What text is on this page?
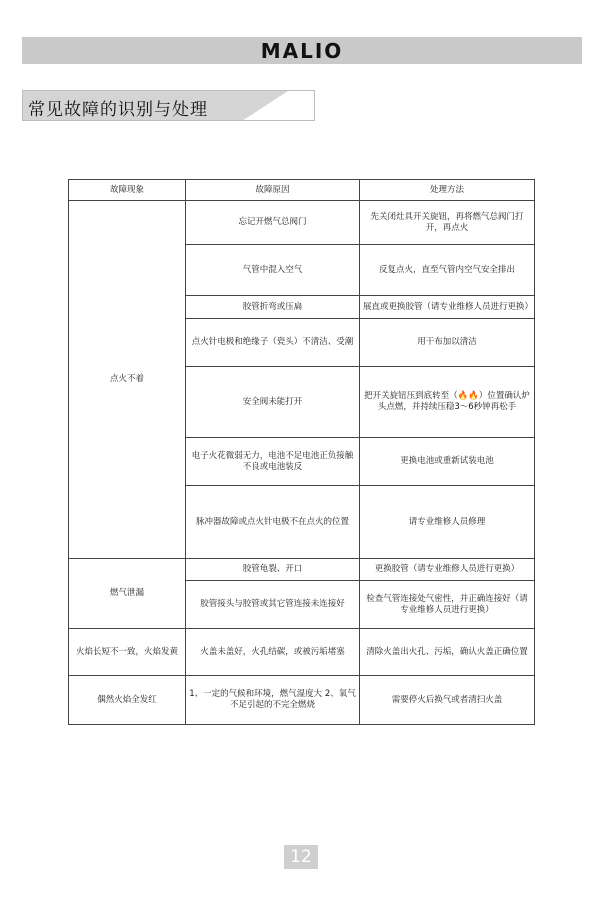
MALIO
常见故障的识别与处理
故障现象	故障原因	处理方法
点火不着	忘记开燃气总阀门	先关闭灶具开关旋钮，再将燃气总阀门打开，再点火
	气管中混入空气	反复点火，直至气管内空气安全排出
	胶管折弯或压扁	展直或更换胶管（请专业维修人员进行更换）
	点火针电极和绝缘子（瓷头）不清洁、受潮	用干布加以清洁
	安全阀未能打开	把开关旋钮压到底转至（🔥🔥）位置确认炉头点燃，并持续压稳3～6秒钟再松手
	电子火花微弱无力，电池不足电池正负接触不良或电池装反	更换电池或重新试装电池
	脉冲器故障或点火针电极不在点火的位置	请专业维修人员修理
燃气泄漏	胶管龟裂、开口	更换胶管（请专业维修人员进行更换）
	胶管接头与胶管或其它管连接未连接好	检查气管连接处气密性，并正确连接好（请专业维修人员进行更换）
火焰长短不一致，火焰发黄	火盖未盖好，火孔结碳，或被污垢堵塞	清除火盖出火孔、污垢，确认火盖正确位置
偶然火焰全发红	1、一定的气候和环境，燃气湿度大 2、氧气不足引起的不完全燃烧	需要停火后换气或者清扫火盖
12
